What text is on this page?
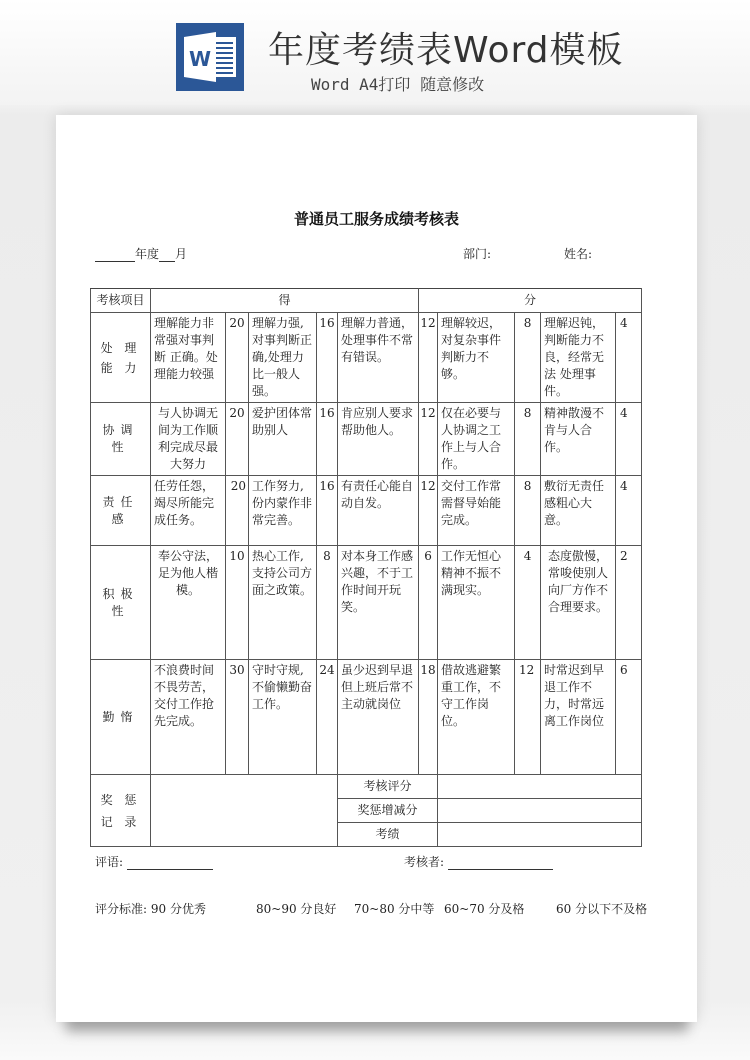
W 年度考绩表Word模板
Word A4打印 随意修改
普通员工服务成绩考核表
年度 月	部门:	姓名:
考核项目	得					分				

处 理
能 力	理解能力非常强对事判断 正确。处理能力较强	20	理解力强,对事判断正确,处理力比一般人强。	16	理解力普通，处理事件不常有错误。	12	理解较迟，对复杂事件判断力不够。	8	理解迟钝，判断能力不良，经常无法 处理事件。	4
协调性	与人协调无间为工作顺利完成尽最大努力	20	爱护团体常助别人	16	肯应别人要求帮助他人。	12	仅在必要与人协调之工作上与人合作。	8	精神散漫不肯与人合作。	4
责任感	任劳任怨，竭尽所能完成任务。	20	工作努力,份内蒙作非常完善。	16	有责任心能自动自发。	12	交付工作常需督导始能完成。	8	敷衍无责任感粗心大意。	4
积极性	奉公守法，足为他人楷模。	10	热心工作,支持公司方面之政策。	8	对本身工作感兴趣，不于工作时间开玩笑。	6	工作无恒心精神不振不满现实。	4	态度傲慢，常唆使别人向厂方作不合理要求。	2
勤惰	不浪费时间不畏劳苦，交付工作抢先完成。	30	守时守规,不偷懒勤奋工作。	24	虽少迟到早退但上班后常不主动就岗位	18	借故逃避繁重工作，不守工作岗位。	12	时常迟到早 退工作不力，时常远离工作岗位	6

奖 惩
记 录					考核评分					
					奖惩增减分					
					考绩					
评语:	考核者:
评分标准: 90 分优秀	80~90 分良好 70~80 分中等 60~70 分及格	60 分以下不及格
